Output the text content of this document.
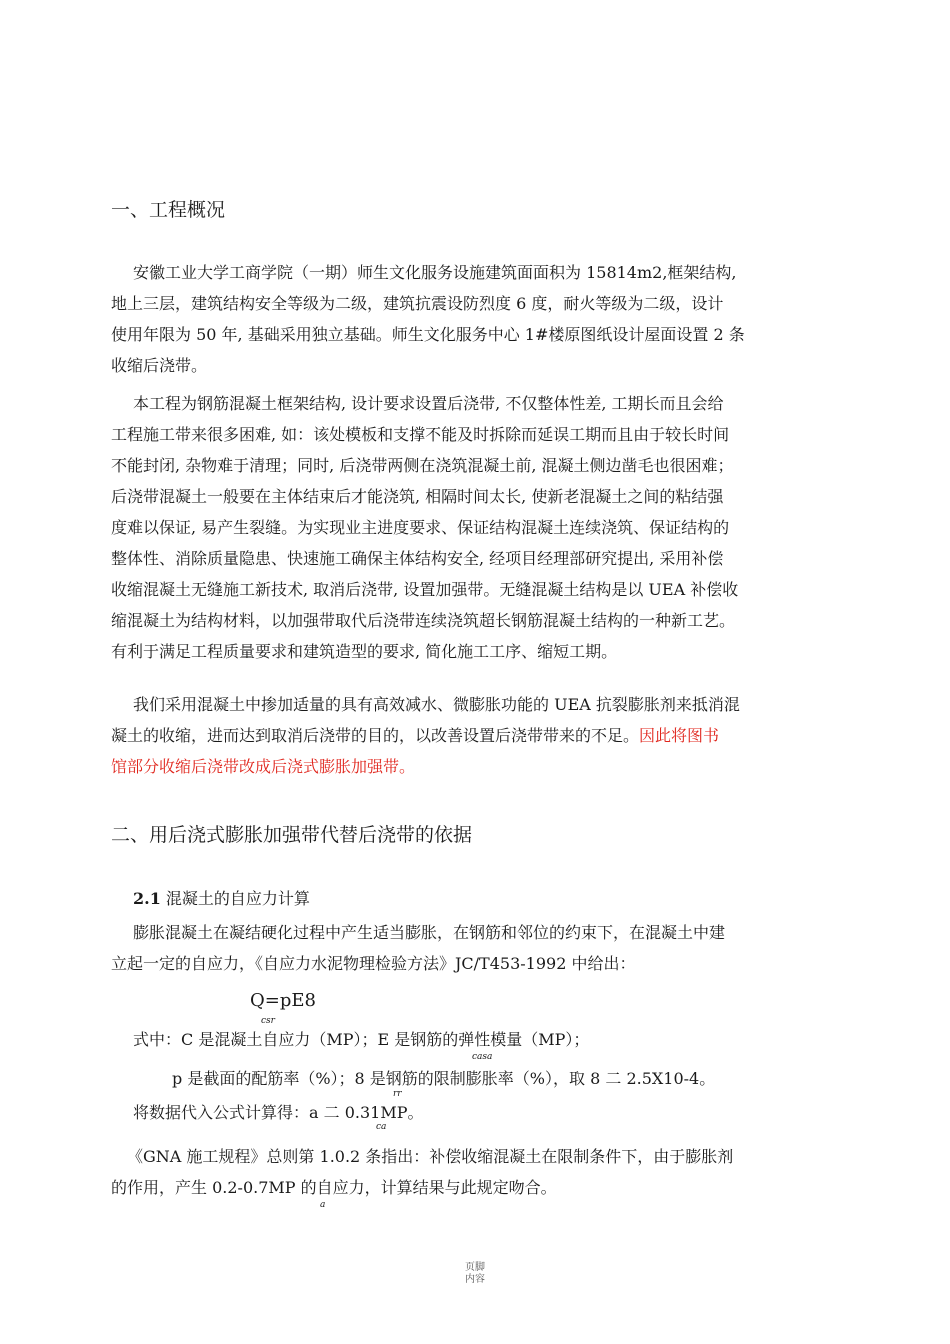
一、工程概况
安徽工业大学工商学院（一期）师生文化服务设施建筑面面积为 15814m2,框架结构,
地上三层，建筑结构安全等级为二级，建筑抗震设防烈度 6 度，耐火等级为二级，设计
使用年限为 50 年, 基础采用独立基础。师生文化服务中心 1#楼原图纸设计屋面设置 2 条
收缩后浇带。
本工程为钢筋混凝土框架结构, 设计要求设置后浇带, 不仅整体性差, 工期长而且会给
工程施工带来很多困难, 如：该处模板和支撑不能及时拆除而延误工期而且由于较长时间
不能封闭, 杂物难于清理；同时, 后浇带两侧在浇筑混凝土前, 混凝土侧边凿毛也很困难；
后浇带混凝土一般要在主体结束后才能浇筑, 相隔时间太长, 使新老混凝土之间的粘结强
度难以保证, 易产生裂缝。为实现业主进度要求、保证结构混凝土连续浇筑、保证结构的
整体性、消除质量隐患、快速施工确保主体结构安全, 经项目经理部研究提出, 采用补偿
收缩混凝土无缝施工新技术, 取消后浇带, 设置加强带。无缝混凝土结构是以 UEA 补偿收
缩混凝土为结构材料，以加强带取代后浇带连续浇筑超长钢筋混凝土结构的一种新工艺。
有利于满足工程质量要求和建筑造型的要求, 简化施工工序、缩短工期。
我们采用混凝土中掺加适量的具有高效减水、微膨胀功能的 UEA 抗裂膨胀剂来抵消混
凝土的收缩，进而达到取消后浇带的目的，以改善设置后浇带带来的不足。因此将图书
馆部分收缩后浇带改成后浇式膨胀加强带。
二、用后浇式膨胀加强带代替后浇带的依据
2.1 混凝土的自应力计算
膨胀混凝土在凝结硬化过程中产生适当膨胀，在钢筋和邻位的约束下，在混凝土中建
立起一定的自应力，《自应力水泥物理检验方法》JC/T453-1992 中给出：
Q=pE8
csr
式中：C 是混凝土自应力（MP）；E 是钢筋的弹性模量（MP）；
casa
p 是截面的配筋率（%）；8 是钢筋的限制膨胀率（%），取 8 二 2.5X10-4。
rr
将数据代入公式计算得：a 二 0.31MP。
ca
《GNA 施工规程》总则第 1.0.2 条指出：补偿收缩混凝土在限制条件下，由于膨胀剂
的作用，产生 0.2-0.7MP 的自应力，计算结果与此规定吻合。
a
页脚
内容
